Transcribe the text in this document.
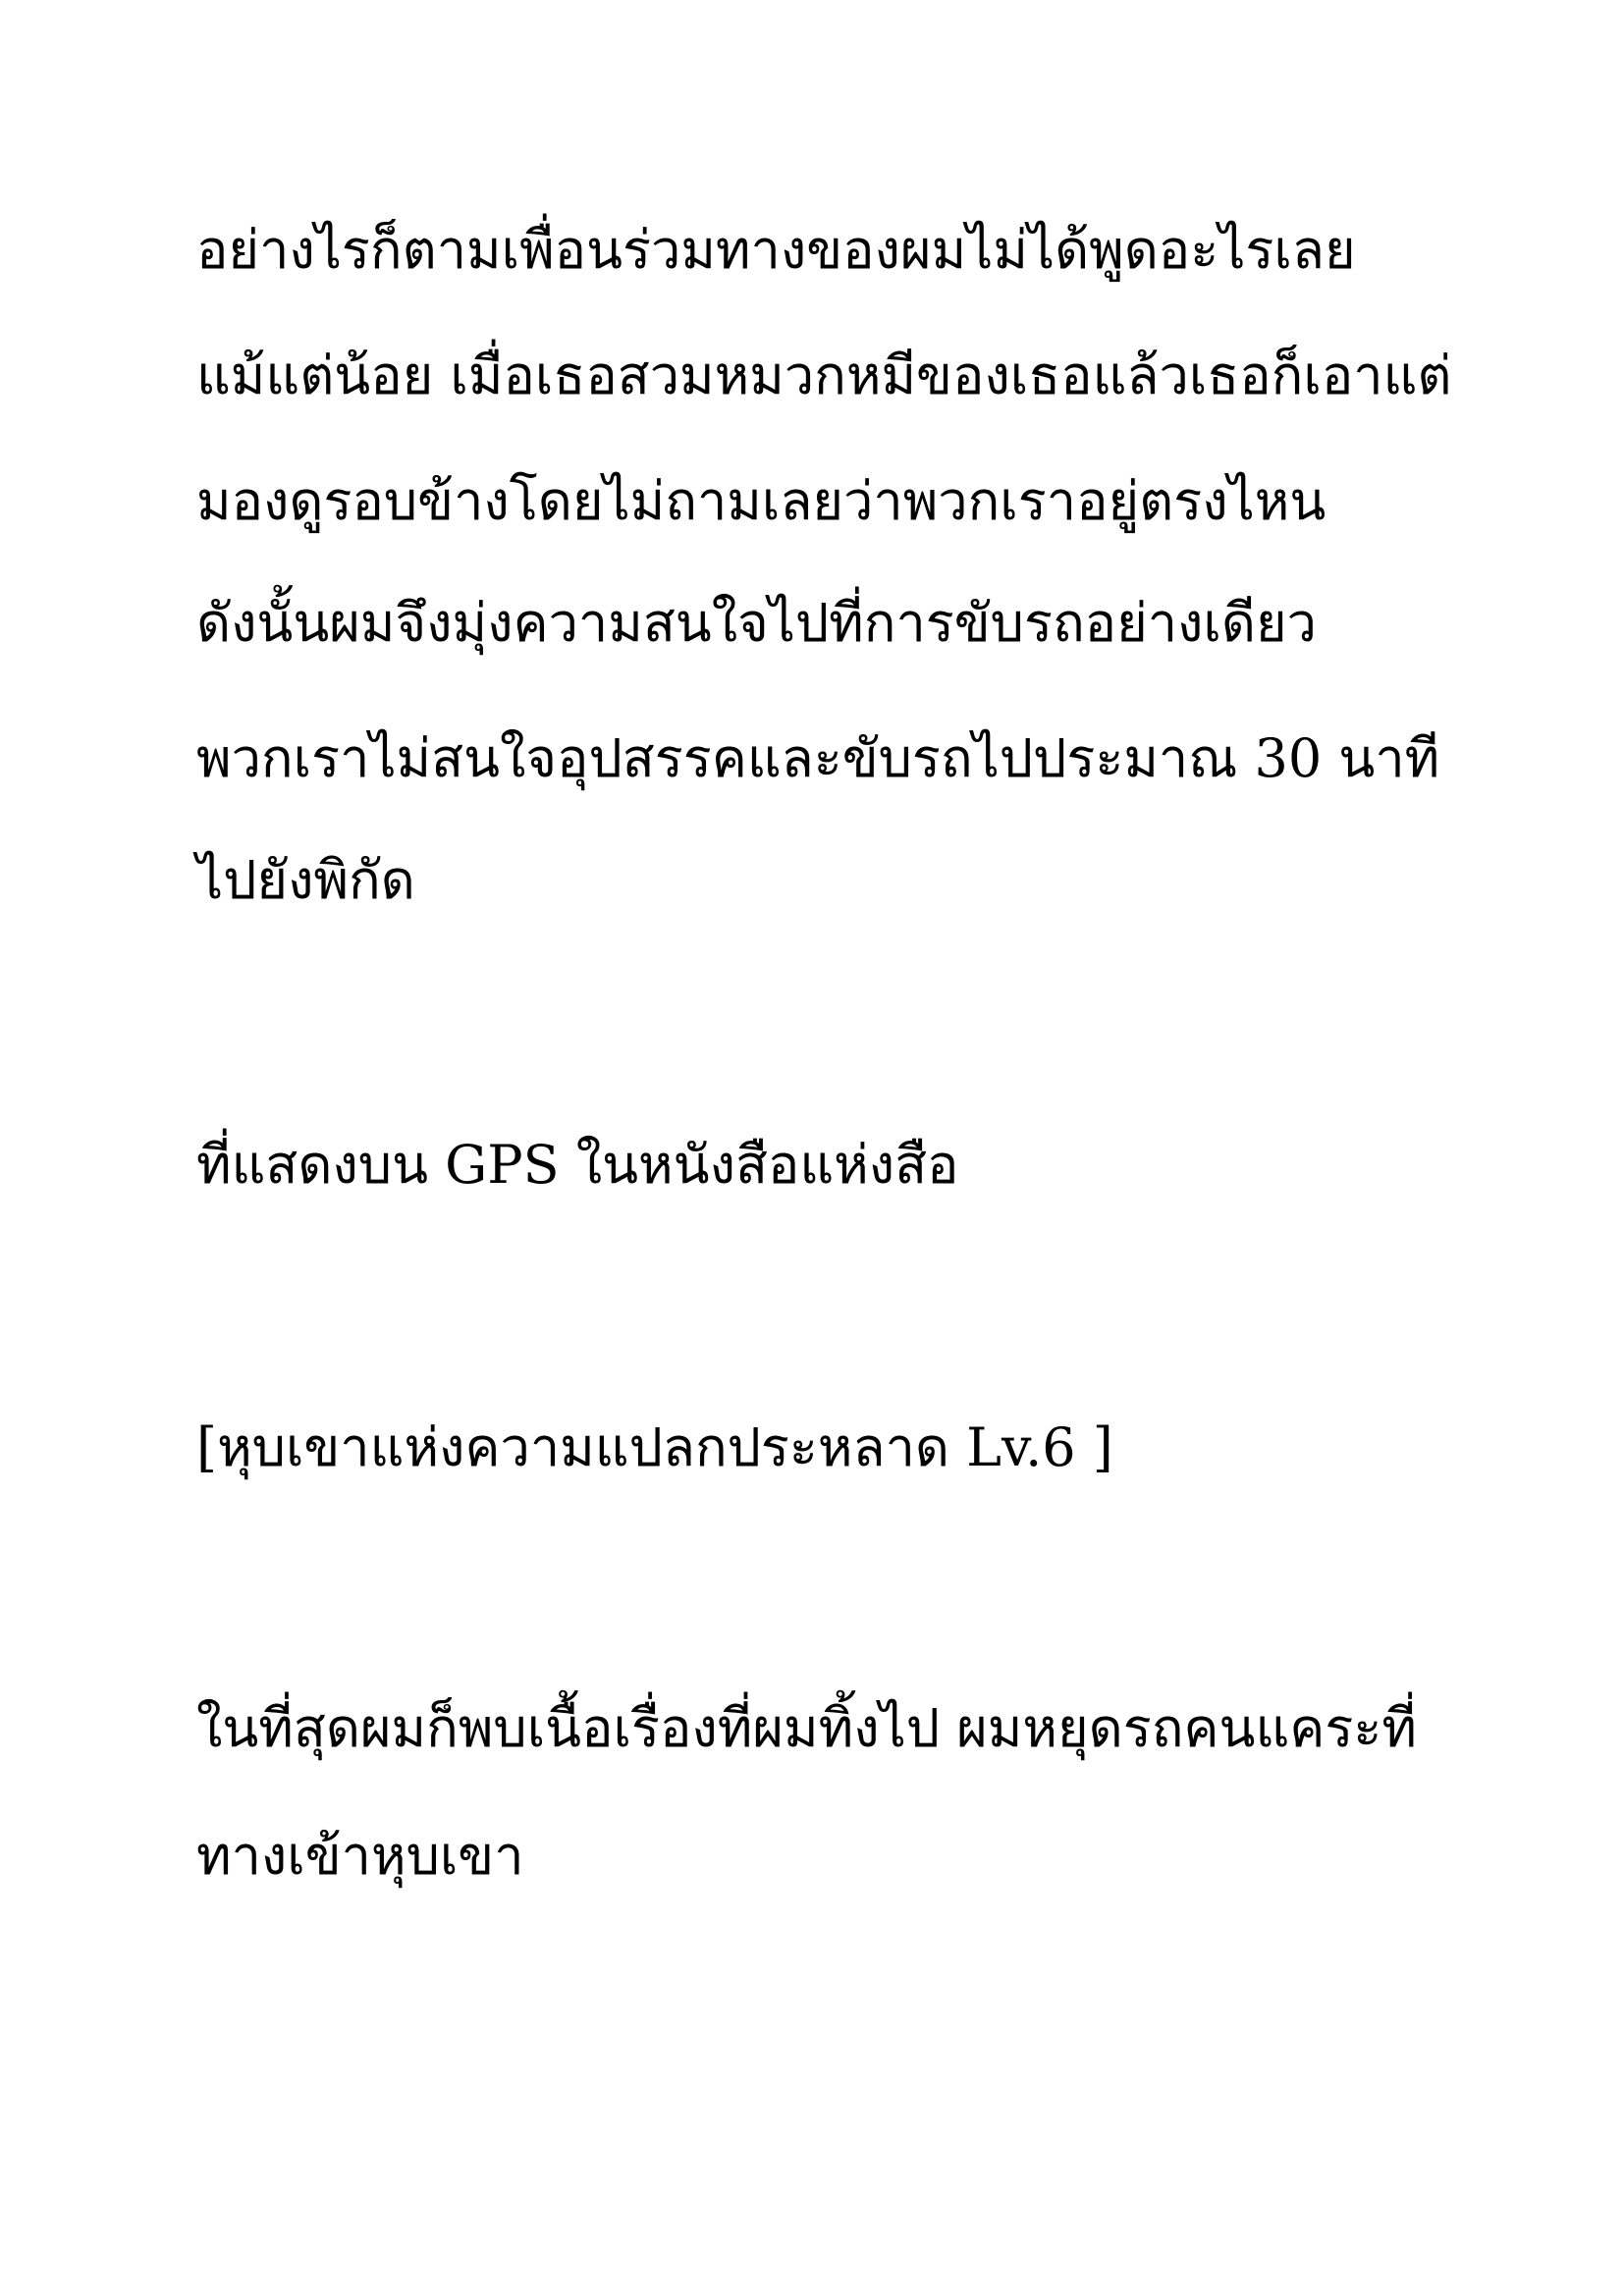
อย่างไรก็ตามเพื่อนร่วมทางของผมไม่ได้พูดอะไรเลย

แม้แต่น้อย เมื่อเธอสวมหมวกหมีของเธอแล้วเธอก็เอาแต่

มองดูรอบข้างโดยไม่ถามเลยว่าพวกเราอยู่ตรงไหน

ดังนั้นผมจึงมุ่งความสนใจไปที่การขับรถอย่างเดียว

พวกเราไม่สนใจอุปสรรคและขับรถไปประมาณ 30 นาที

ไปยังพิกัด

ที่แสดงบน GPS ในหนังสือแห่งสือ

[หุบเขาแห่งความแปลกประหลาด Lv.6 ]

ในที่สุดผมก็พบเนื้อเรื่องที่ผมทิ้งไป ผมหยุดรถคนแคระที่

ทางเข้าหุบเขา
